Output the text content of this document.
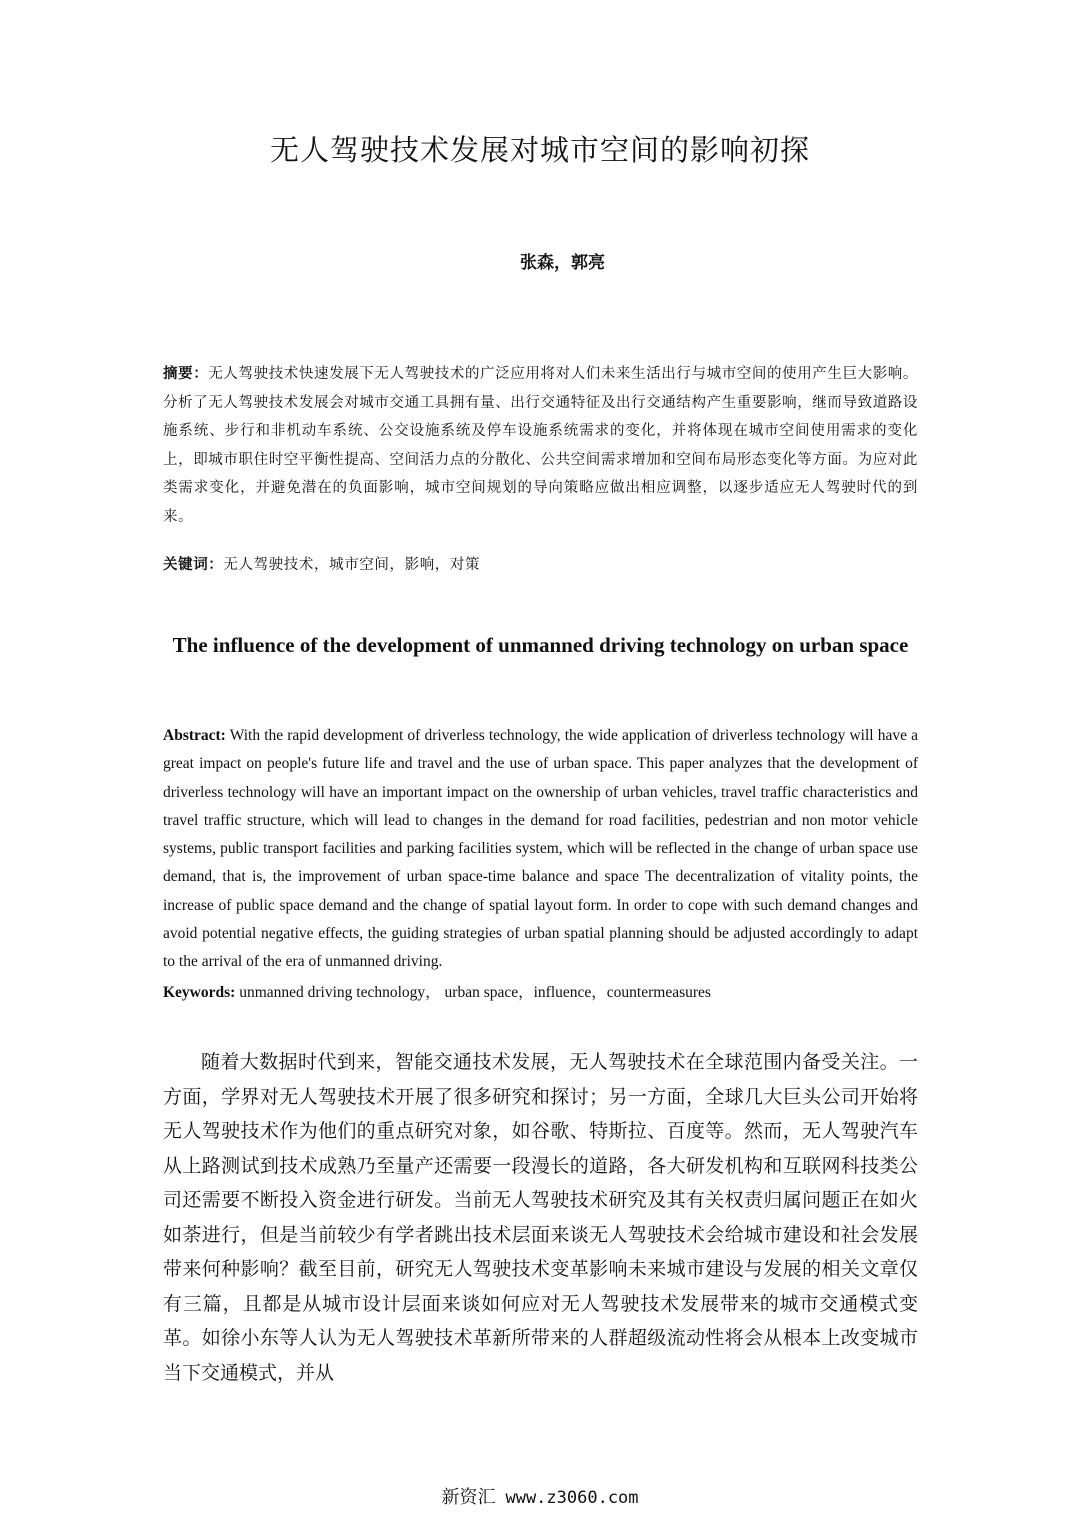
无人驾驶技术发展对城市空间的影响初探
张森，郭亮
摘要：无人驾驶技术快速发展下无人驾驶技术的广泛应用将对人们未来生活出行与城市空间的使用产生巨大影响。分析了无人驾驶技术发展会对城市交通工具拥有量、出行交通特征及出行交通结构产生重要影响，继而导致道路设施系统、步行和非机动车系统、公交设施系统及停车设施系统需求的变化，并将体现在城市空间使用需求的变化上，即城市职住时空平衡性提高、空间活力点的分散化、公共空间需求增加和空间布局形态变化等方面。为应对此类需求变化，并避免潜在的负面影响，城市空间规划的导向策略应做出相应调整，以逐步适应无人驾驶时代的到来。
关键词：无人驾驶技术，城市空间，影响，对策
The influence of the development of unmanned driving technology on urban space
Abstract: With the rapid development of driverless technology, the wide application of driverless technology will have a great impact on people's future life and travel and the use of urban space. This paper analyzes that the development of driverless technology will have an important impact on the ownership of urban vehicles, travel traffic characteristics and travel traffic structure, which will lead to changes in the demand for road facilities, pedestrian and non motor vehicle systems, public transport facilities and parking facilities system, which will be reflected in the change of urban space use demand, that is, the improvement of urban space-time balance and space The decentralization of vitality points, the increase of public space demand and the change of spatial layout form. In order to cope with such demand changes and avoid potential negative effects, the guiding strategies of urban spatial planning should be adjusted accordingly to adapt to the arrival of the era of unmanned driving.
Keywords: unmanned driving technology， urban space，influence，countermeasures
随着大数据时代到来，智能交通技术发展，无人驾驶技术在全球范围内备受关注。一方面，学界对无人驾驶技术开展了很多研究和探讨；另一方面，全球几大巨头公司开始将无人驾驶技术作为他们的重点研究对象，如谷歌、特斯拉、百度等。然而，无人驾驶汽车从上路测试到技术成熟乃至量产还需要一段漫长的道路，各大研发机构和互联网科技类公司还需要不断投入资金进行研发。当前无人驾驶技术研究及其有关权责归属问题正在如火如荼进行，但是当前较少有学者跳出技术层面来谈无人驾驶技术会给城市建设和社会发展带来何种影响？截至目前，研究无人驾驶技术变革影响未来城市建设与发展的相关文章仅有三篇，且都是从城市设计层面来谈如何应对无人驾驶技术发展带来的城市交通模式变革。如徐小东等人认为无人驾驶技术革新所带来的人群超级流动性将会从根本上改变城市当下交通模式，并从
新资汇 www.z3060.com
